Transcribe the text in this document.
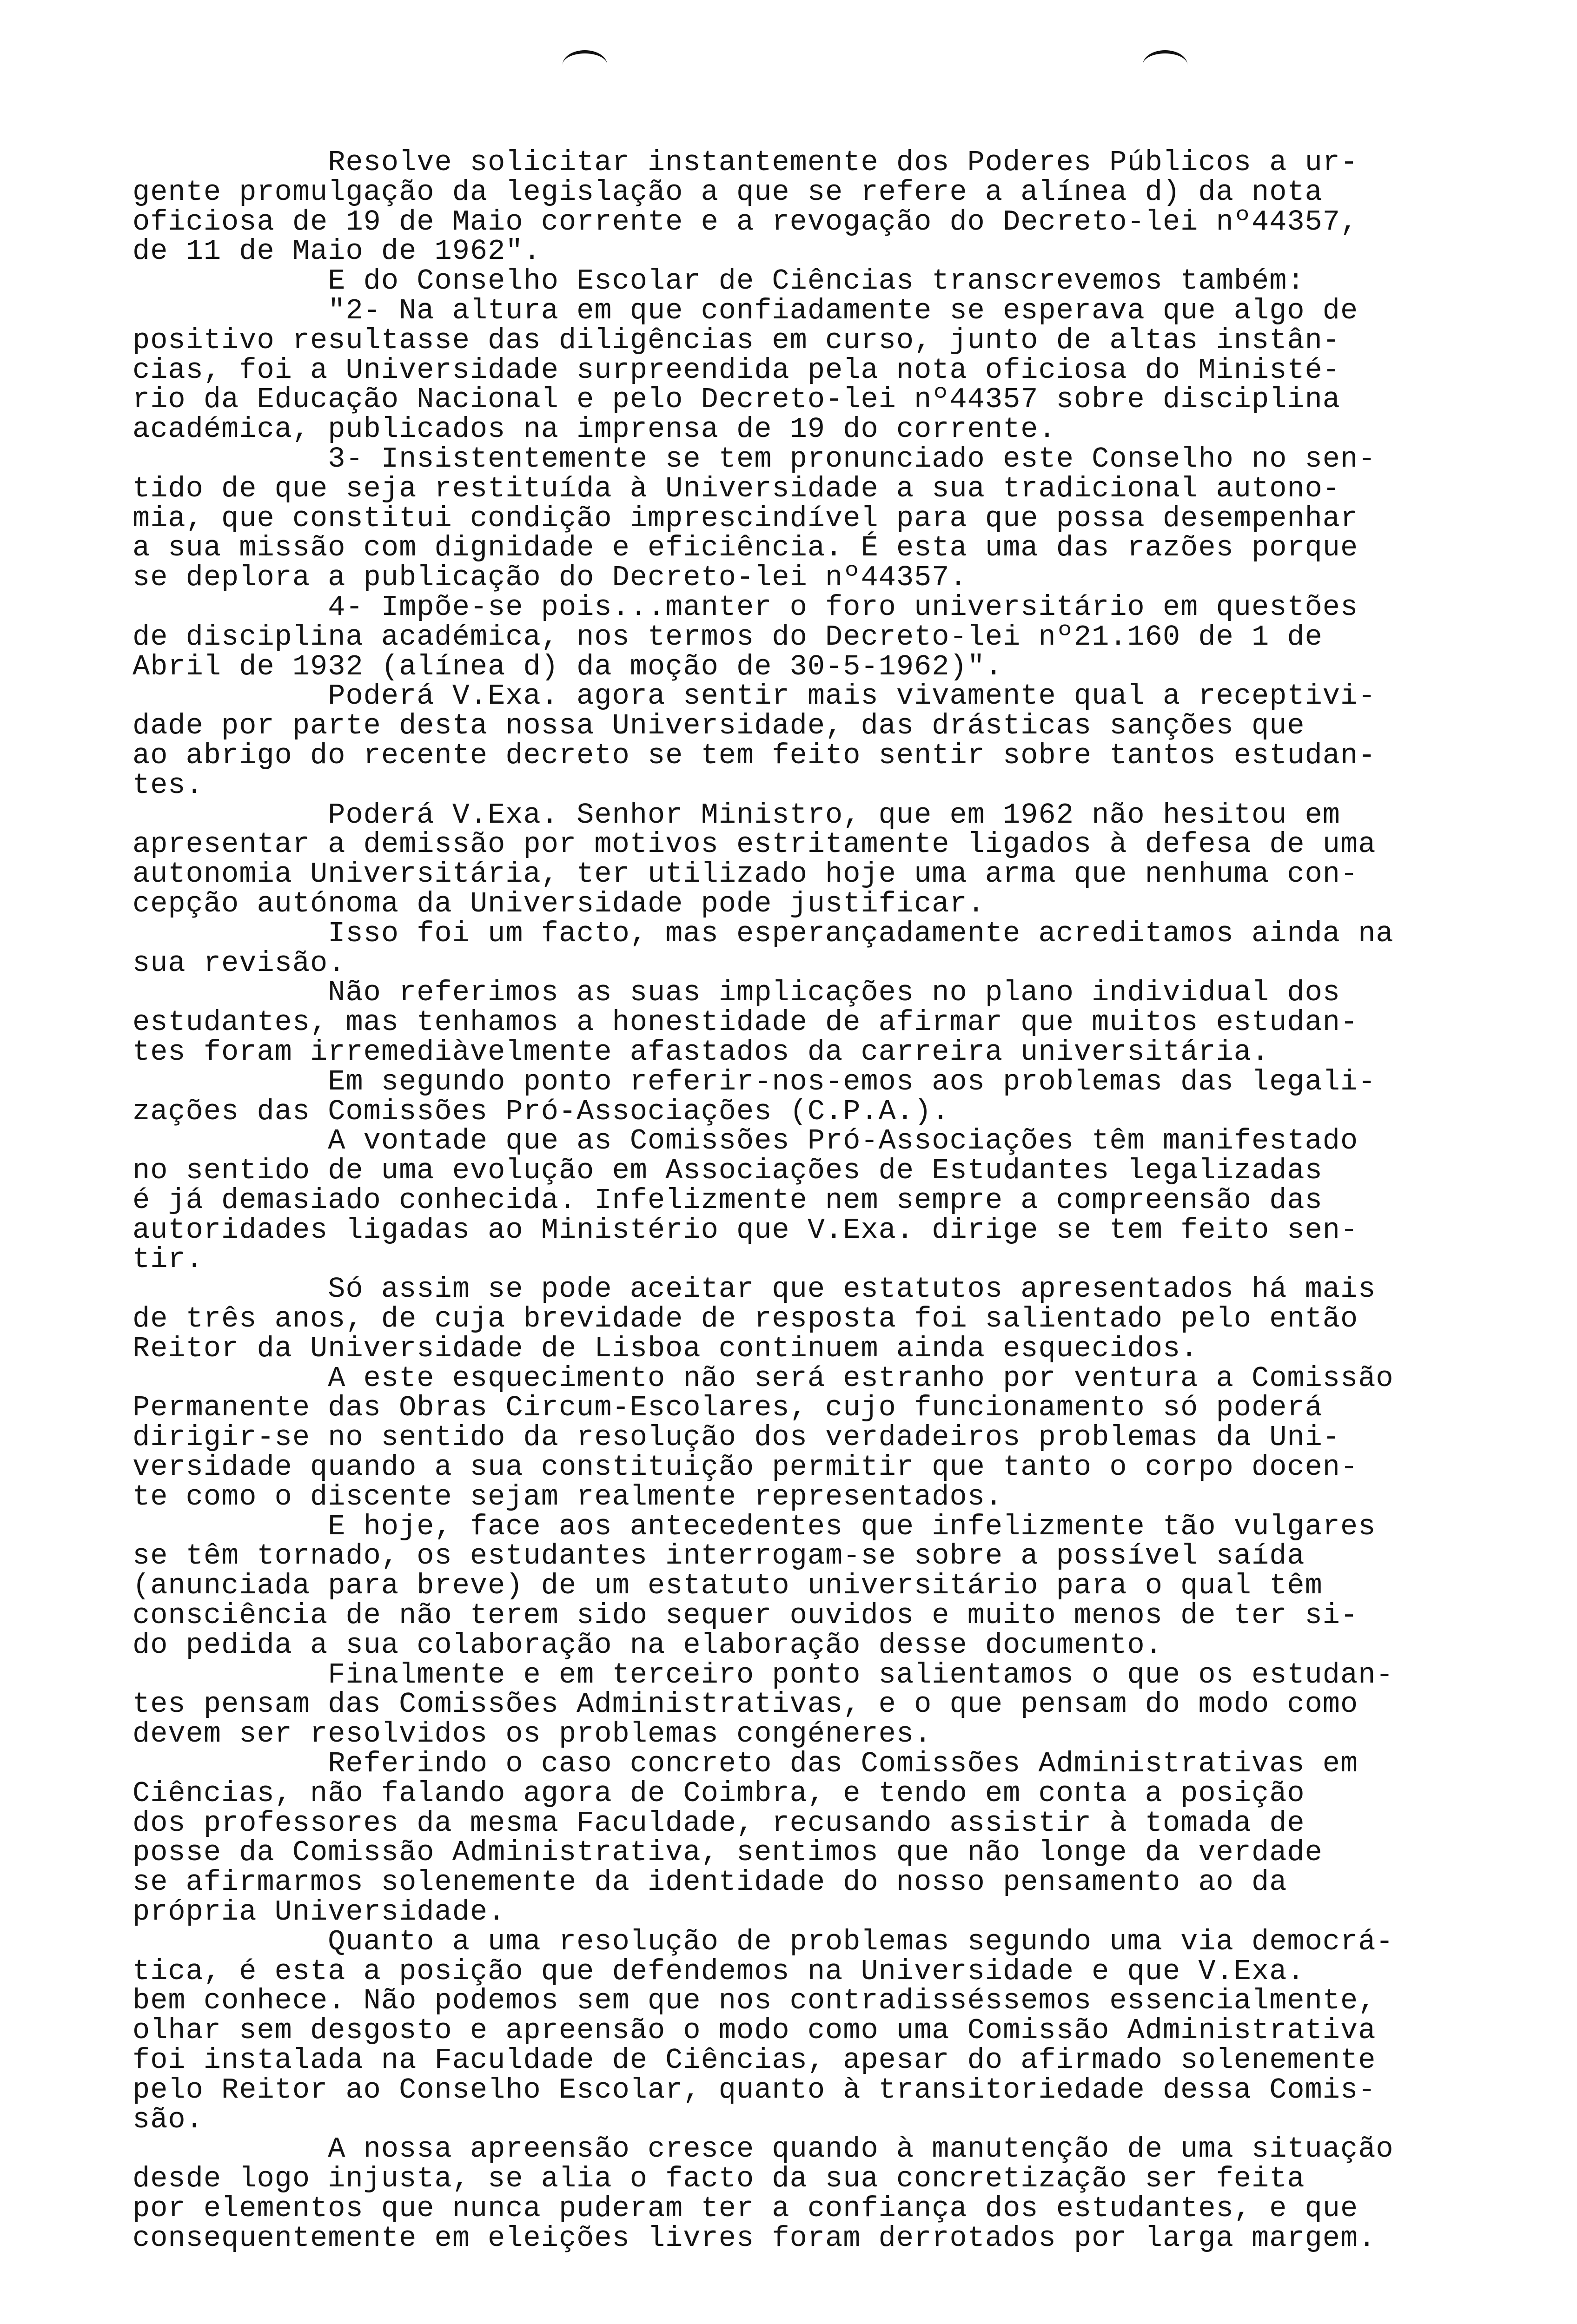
Resolve solicitar instantemente dos Poderes Públicos a ur-
gente promulgação da legislação a que se refere a alínea d) da nota
oficiosa de 19 de Maio corrente e a revogação do Decreto-lei nº44357,
de 11 de Maio de 1962".
E do Conselho Escolar de Ciências transcrevemos também:
"2- Na altura em que confiadamente se esperava que algo de
positivo resultasse das diligências em curso, junto de altas instân-
cias, foi a Universidade surpreendida pela nota oficiosa do Ministé-
rio da Educação Nacional e pelo Decreto-lei nº44357 sobre disciplina
académica, publicados na imprensa de 19 do corrente.
3- Insistentemente se tem pronunciado este Conselho no sen-
tido de que seja restituída à Universidade a sua tradicional autono-
mia, que constitui condição imprescindível para que possa desempenhar
a sua missão com dignidade e eficiência. É esta uma das razões porque
se deplora a publicação do Decreto-lei nº44357.
4- Impõe-se pois...manter o foro universitário em questões
de disciplina académica, nos termos do Decreto-lei nº21.160 de 1 de
Abril de 1932 (alínea d) da moção de 30-5-1962)".
Poderá V.Exa. agora sentir mais vivamente qual a receptivi-
dade por parte desta nossa Universidade, das drásticas sanções que
ao abrigo do recente decreto se tem feito sentir sobre tantos estudan-
tes.
Poderá V.Exa. Senhor Ministro, que em 1962 não hesitou em
apresentar a demissão por motivos estritamente ligados à defesa de uma
autonomia Universitária, ter utilizado hoje uma arma que nenhuma con-
cepção autónoma da Universidade pode justificar.
Isso foi um facto, mas esperançadamente acreditamos ainda na
sua revisão.
Não referimos as suas implicações no plano individual dos
estudantes, mas tenhamos a honestidade de afirmar que muitos estudan-
tes foram irremediàvelmente afastados da carreira universitária.
Em segundo ponto referir-nos-emos aos problemas das legali-
zações das Comissões Pró-Associações (C.P.A.).
A vontade que as Comissões Pró-Associações têm manifestado
no sentido de uma evolução em Associações de Estudantes legalizadas
é já demasiado conhecida. Infelizmente nem sempre a compreensão das
autoridades ligadas ao Ministério que V.Exa. dirige se tem feito sen-
tir.
Só assim se pode aceitar que estatutos apresentados há mais
de três anos, de cuja brevidade de resposta foi salientado pelo então
Reitor da Universidade de Lisboa continuem ainda esquecidos.
A este esquecimento não será estranho por ventura a Comissão
Permanente das Obras Circum-Escolares, cujo funcionamento só poderá
dirigir-se no sentido da resolução dos verdadeiros problemas da Uni-
versidade quando a sua constituição permitir que tanto o corpo docen-
te como o discente sejam realmente representados.
E hoje, face aos antecedentes que infelizmente tão vulgares
se têm tornado, os estudantes interrogam-se sobre a possível saída
(anunciada para breve) de um estatuto universitário para o qual têm
consciência de não terem sido sequer ouvidos e muito menos de ter si-
do pedida a sua colaboração na elaboração desse documento.
Finalmente e em terceiro ponto salientamos o que os estudan-
tes pensam das Comissões Administrativas, e o que pensam do modo como
devem ser resolvidos os problemas congéneres.
Referindo o caso concreto das Comissões Administrativas em
Ciências, não falando agora de Coimbra, e tendo em conta a posição
dos professores da mesma Faculdade, recusando assistir à tomada de
posse da Comissão Administrativa, sentimos que não longe da verdade
se afirmarmos solenemente da identidade do nosso pensamento ao da
própria Universidade.
Quanto a uma resolução de problemas segundo uma via democrá-
tica, é esta a posição que defendemos na Universidade e que V.Exa.
bem conhece. Não podemos sem que nos contradisséssemos essencialmente,
olhar sem desgosto e apreensão o modo como uma Comissão Administrativa
foi instalada na Faculdade de Ciências, apesar do afirmado solenemente
pelo Reitor ao Conselho Escolar, quanto à transitoriedade dessa Comis-
são.
A nossa apreensão cresce quando à manutenção de uma situação
desde logo injusta, se alia o facto da sua concretização ser feita
por elementos que nunca puderam ter a confiança dos estudantes, e que
consequentemente em eleições livres foram derrotados por larga margem.
